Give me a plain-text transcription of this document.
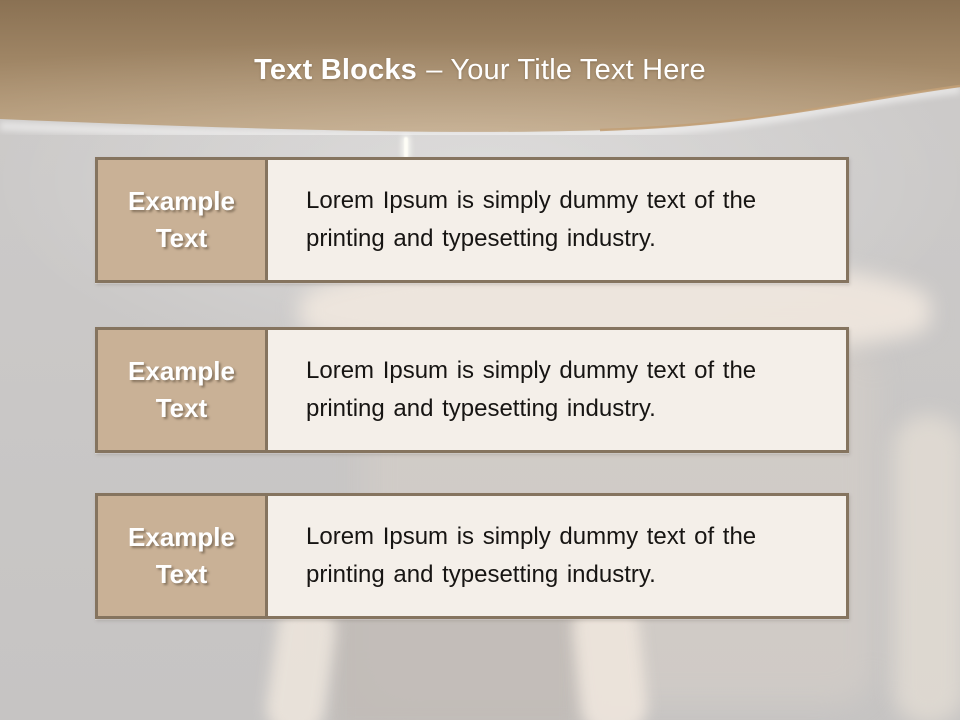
Text Blocks – Your Title Text Here
Example Text
Lorem Ipsum is simply dummy text of the printing and typesetting industry.
Example Text
Lorem Ipsum is simply dummy text of the printing and typesetting industry.
Example Text
Lorem Ipsum is simply dummy text of the printing and typesetting industry.
